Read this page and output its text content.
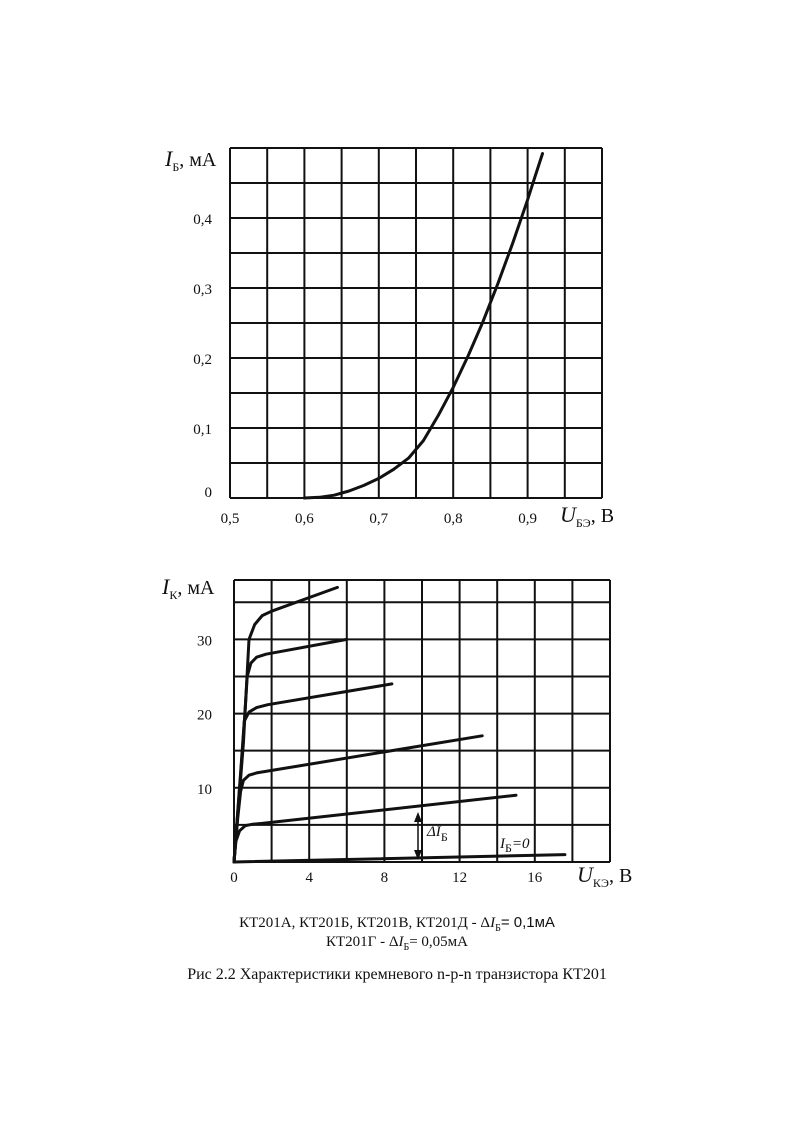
0,5	0,6	0,7	0,8	0,9
0
0,1
0,2
0,3
0,4
$I_Б$, мА
$U_{БЭ}$, В
0	4	8	12	16
10
20
30
$I_К$, мА
$U_{КЭ}$, В
$\Delta I_Б$	$I_Б=0$
КТ201А, КТ201Б, КТ201В, $КТ201Д - \Delta I_Б= 0,1мА$
$КТ201Г - \Delta I_Б= 0,05мА$
Рис 2.2 Характеристики кремневого n-p-n транзистора КТ201
